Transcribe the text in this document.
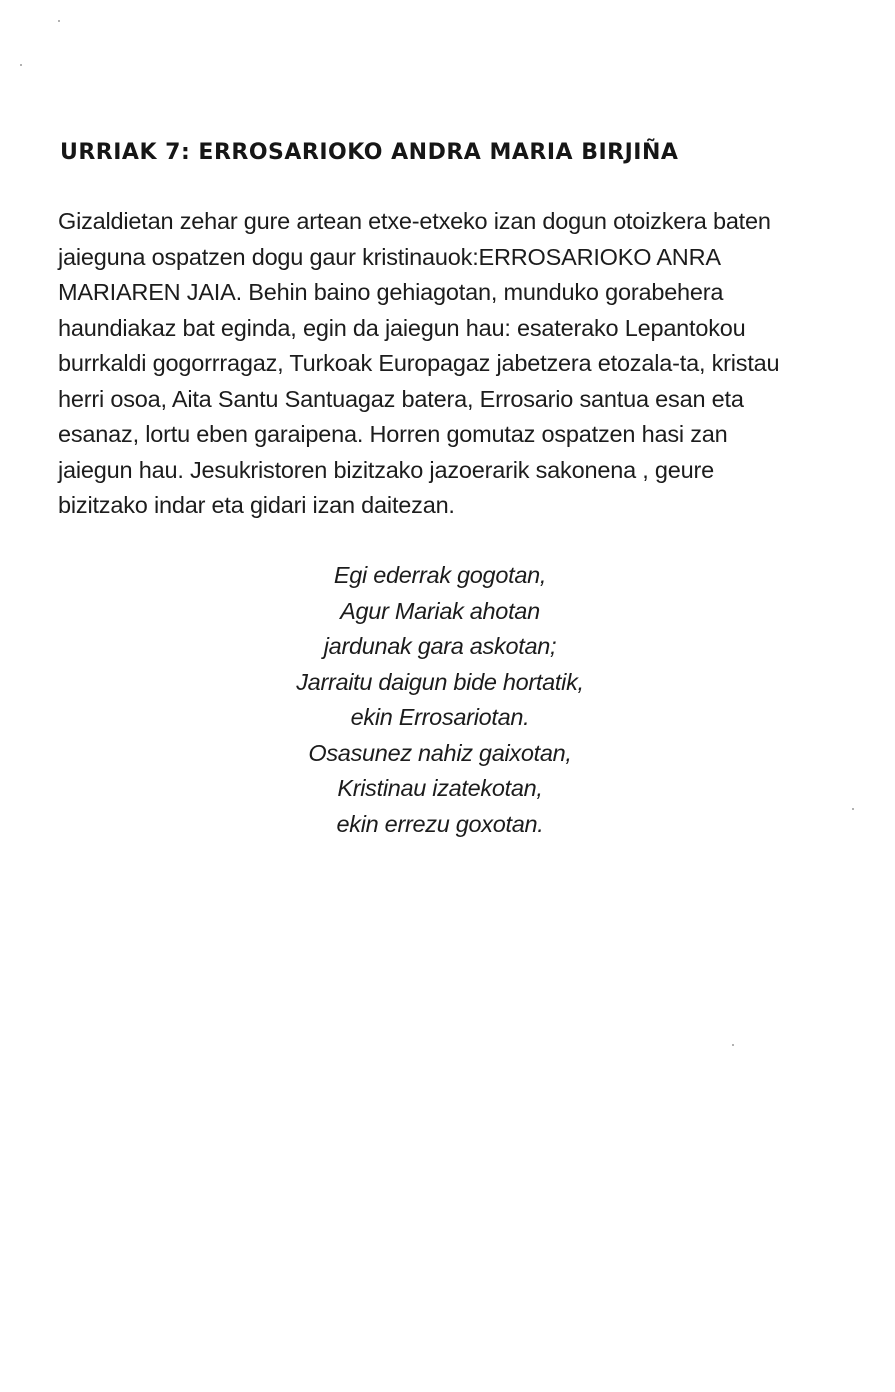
URRIAK 7: ERROSARIOKO ANDRA MARIA BIRJIÑA
Gizaldietan zehar gure artean etxe-etxeko izan dogun otoizkera baten
jaieguna ospatzen dogu gaur kristinauok:ERROSARIOKO ANRA
MARIAREN JAIA. Behin baino gehiagotan, munduko gorabehera
haundiakaz bat eginda, egin da jaiegun hau: esaterako Lepantokou
burrkaldi gogorrragaz, Turkoak Europagaz jabetzera etozala-ta, kristau
herri osoa, Aita Santu Santuagaz batera, Errosario santua esan eta
esanaz, lortu eben garaipena. Horren gomutaz ospatzen hasi zan
jaiegun hau. Jesukristoren bizitzako jazoerarik sakonena , geure
bizitzako indar eta gidari izan daitezan.
Egi ederrak gogotan,
Agur Mariak ahotan
jardunak gara askotan;
Jarraitu daigun bide hortatik,
ekin Errosariotan.
Osasunez nahiz gaixotan,
Kristinau izatekotan,
ekin errezu goxotan.
